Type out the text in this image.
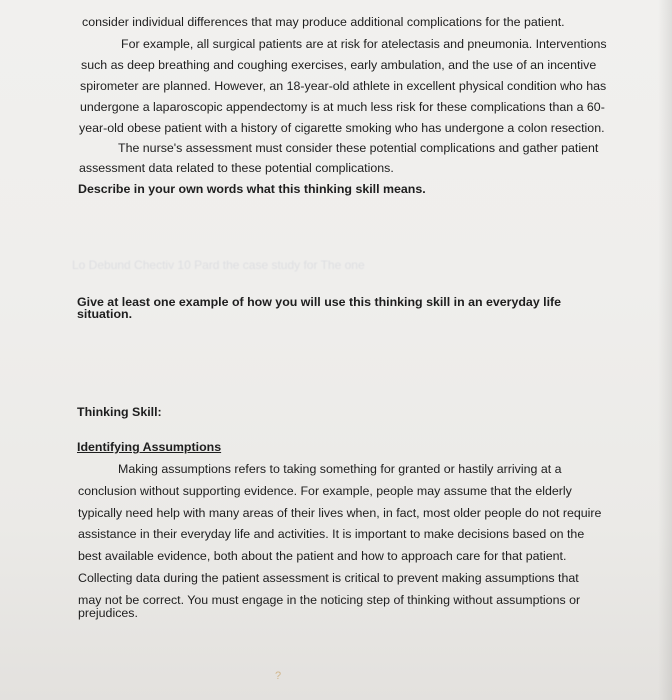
Lo Debund Chectiv 10 Pard the case study for The one
consider individual differences that may produce additional complications for the patient.
For example, all surgical patients are at risk for atelectasis and pneumonia. Interventions
such as deep breathing and coughing exercises, early ambulation, and the use of an incentive
spirometer are planned. However, an 18-year-old athlete in excellent physical condition who has
undergone a laparoscopic appendectomy is at much less risk for these complications than a 60-
year-old obese patient with a history of cigarette smoking who has undergone a colon resection.
The nurse's assessment must consider these potential complications and gather patient
assessment data related to these potential complications.
Describe in your own words what this thinking skill means.
Give at least one example of how you will use this thinking skill in an everyday life
situation.
Thinking Skill:
Identifying Assumptions
Making assumptions refers to taking something for granted or hastily arriving at a
conclusion without supporting evidence. For example, people may assume that the elderly
typically need help with many areas of their lives when, in fact, most older people do not require
assistance in their everyday life and activities. It is important to make decisions based on the
best available evidence, both about the patient and how to approach care for that patient.
Collecting data during the patient assessment is critical to prevent making assumptions that
may not be correct. You must engage in the noticing step of thinking without assumptions or
prejudices.
?
